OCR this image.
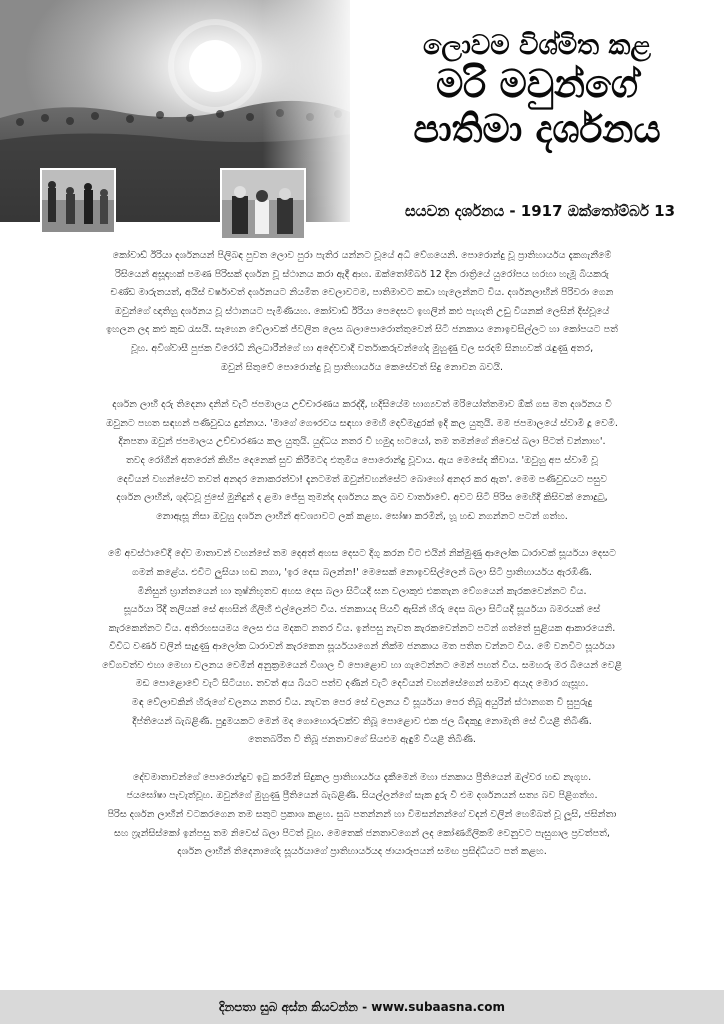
ලොවම විශ්මිත කළ

මරි මවුන්ගේ

පාතිමා දර්ශනය

සයවන දර්ශනය - 1917 ඔක්තෝම්බර් 13

කෝවාඩ් ඊරියා දර්ශනයන් පිලිබඳ පුවත ලොව පුරා පැතිර යන්නට වූයේ අධි වේගයෙනි. පොරොන්දු වූ ප්‍රාතිහාර්යය දැකගැනීමේ
රිසියෙන් අසූදාහක් පමණ පිරිසක් දර්ශන වූ ස්ථානය කරා ඇදී ආහ. ඔක්තෝම්බර් 12 දින රාත්‍රියේ යුරෝපය හරහා හැමූ බියකරු
චණ්ඩ මාරුතයත්, අයිස් වර්ෂාවත් දර්ශනයට නියමිත වෙලාවටම, පාතිමාවට කඩා හැලෙන්නට විය. දර්ශනලාභීන් පිරිවරා ගෙන
ඔවුන්ගේ ඥාතිහු දර්ශනය වූ ස්ථානයට පැමිණියහ. කෝවාඩ් ඊරියා පෙදෙසට ඉහලින් කළු පැහැති උඩු වියනක් ලෙසින් දිස්වූයේ
ඉහලන ලද කළු කුඩ රැසයි. සෑහෙන වේලාවක් ජ්වලිත ලෙස බලාපොරොත්තුවෙන් සිටි ජනකාය නොඉවසිල්ලට හා කෝපයට පත්
වූහ. අවිශ්වාසී පුජක විරෝධී නිලධාරීන්ගේ හා අදේවවාදී වර්තාකරුවන්ගේද මුහුණු වල සරදම් සිනහවක් රැඳුණු අතර,
ඔවුන් සිතුවේ පොරොන්දු වූ ප්‍රාතිහාර්යය කෙසේවත් සිදු නොවන බවයි.

දර්ශන ලාභී දරු තිදෙනා දනින් වැටී ජපමාලය උච්චාරණය කරද්දී, හදිසියේම භාග්‍යවත් මරියෝත්තමාව ඕක් ගස මත දර්ශනය වී
ඔවුනට පහත සඳහන් පණිවුඩය දුන්නාය. 'මාගේ ගෞරවය සඳහා මෙහි දෙව්මැදුරක් ඉදි කල යුතුයි. මම ජපමාලයේ ස්වාමි දූ වෙමි.
දිනපතා ඔවුන් ජපමාලය උච්චාරණය කල යුතුයි. යුද්ධය නතර වී හමුදා භටයෝ, තම තමන්ගේ නිවෙස් බලා පිටත් වන්නාහ'.
තවද රෝගීන් අතරෙන් කිහිප දෙනෙක් සුව කිරීමටද එතුමිය පොරොන්දු වූවාය. ඇය මෙසේද කීවාය. 'ඔවුහු අප ස්වාමි වූ
දෙවියන් වහන්සේට තවත් අනදර නොකරත්වා! දැනටමත් ඔවුන්වහන්සේට බොහෝ අනදර කර ඇත'. මෙම පණිවුඩයට පසුව
දර්ශන ලාභීන්, ශුද්ධවූ ජුසේ මුනිදුන් ද ළමා ජේසු තුමන්ද දර්ශනය කල බව වාර්තාවේ. අවට සිටි පිරිස මෙහිදී කිසිවක් නොදුටු,
නොඇසූ නිසා ඔවුහු දර්ශන ලාභීන් අවශ්‍යාවට ලක් කළහ. ඝෝෂා කරමින්, හූ හඬ නගන්නට පටන් ගත්හ.

මේ අවස්ථාවේදී දේව මාතාවන් වහන්සේ තම දෙඅත් අහස දෙසට දිගු කරන විට එයින් නික්මුණු ආලෝක ධාරාවක් සූර්යයා දෙසට
ගමන් කළේය. එවිට ලුසියා හඬ නගා, 'ඉර දෙස බලන්න!' මෙසෙක් නොඉවසිල්ලෙන් බලා සිටි ප්‍රාතිහාර්යය ඇරඹිණි.
මිනිසුන් භ්‍රාන්තයෙන් හා තුෂ්නිභූතව අහස දෙස බලා සිටියදී ඝන වලාකුළු එකතැන වේගයෙන් කැරකවෙන්නට විය.
සූර්යයා රිදී තලියක් සේ අහසින් ගිලිහී එල්ලෙන්ට විය. ජනකායද පියවී ඇසින් හිරු දෙස බලා සිටියදී සූර්යයා බමරයක් සේ
කැරකෙන්නට විය. අතිරහසයමය ලෙස එය මදකට නතර විය. ඉන්පසු නැවත කැරකවෙන්නට පටන් ගත්තේ සුළියක ආකාරයෙනි.
විවිධ වර්ණ වලින් සැදුණු ආලෝක ධාරාවන් කැරකෙන සූර්යයාගෙන් නික්ම ජනකාය මත පතිත වන්නට විය. මේ වනවිට සූර්යයා
වේගවත්ව එහා මෙහා චලනය වෙමින් අනුක්‍රමයෙන් විශාල වී පොළොව හා ගැටෙන්නට මෙන් පහත් විය. සමහරු මර බියෙන් වෙළී
මඩ පොළොවේ වැටී සිටියහ. තවත් අය බියට පත්ව දණින් වැටී දෙවියන් වහන්සේගෙන් සමාව අයැද මොර ගැසූහ.
මඳ වේලාවකින් හිරුගේ චලනය නතර විය. නැවත පෙර සේ චලනය වී සූර්යයා පෙර තිබූ අයුරින් ස්ථානගත වී සුපුරුදු
දීප්තියෙන් බැබළිණි. පුදුමයකට මෙන් මද ගොහොරුවක්ව තිබූ පොළොව එක ජල බිඳකුදු නොමැති සේ වියළී තිබිණි.
තෙතබරිත වී තිබූ ජනතාවගේ සියළුම ඇඳුම් වියළී තිබිණි.

දේවමාතාවන්ගේ පොරොන්දුව ඉටු කරමින් සිදුකල ප්‍රාතිහාර්යය දැකීමෙන් මහා ජනකාය ප්‍රීතියෙන් ඔල්වර හඬ නැගූහ.
ජයඝෝෂා පැවැත්වූහ. ඔවුන්ගේ මුහුණු ප්‍රීතියෙන් බැබළිණි. සියල්ලන්ගේ සැක දුරු වී එම දර්ශනයන් සත්‍ය බව පිළිගත්හ.
පිරිස දර්ශන ලාභීන් වටකරගෙන තම සතුට ප්‍රකාශ කළහ. සුබ පතන්නන් හා විමසන්නන්ගේ වදන් වලින් හෙම්බත් වූ ලූසි, ජසින්තා
සහ ෆ්‍රැන්සිස්කෝ ඉන්පසු තම නිවෙස් බලා පිටත් වූහ. මෙතෙක් ජනතාවගෙන් ලද කෝණගිලිකම් වෙනුවට පැසුගාල ප්‍රවත්පත්,
දර්ශන ලාභීන් තිදෙනාගේද සූර්යයාගේ ප්‍රාතිහාර්යයද ඡායාරූපයන් සමඟ ප්‍රසිද්ධියට පත් කළහ.

දිනපතා සුබ අස්න කියවන්න - www.subaasna.com
